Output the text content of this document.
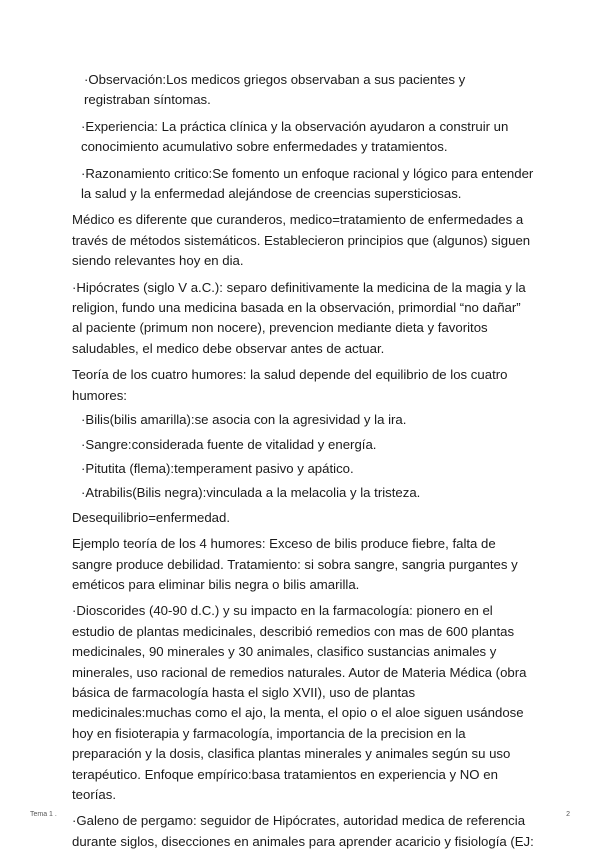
·Observación:Los medicos griegos observaban a sus pacientes y registraban síntomas.

·Experiencia: La práctica clínica y la observación ayudaron a construir un conocimiento acumulativo sobre enfermedades y tratamientos.

·Razonamiento critico:Se fomento un enfoque racional y lógico para entender la salud y la enfermedad alejándose de creencias supersticiosas.

Médico es diferente que curanderos, medico=tratamiento de enfermedades a través de métodos sistemáticos. Establecieron principios que (algunos) siguen siendo relevantes hoy en dia.

·Hipócrates (siglo V a.C.): separo definitivamente la medicina de la magia y la religion, fundo una medicina basada en la observación, primordial “no dañar” al paciente (primum non nocere), prevencion mediante dieta y favoritos saludables, el medico debe observar antes de actuar.

Teoría de los cuatro humores: la salud depende del equilibrio de los cuatro humores:

·Bilis(bilis amarilla):se asocia con la agresividad y la ira.

·Sangre:considerada fuente de vitalidad y energía.

·Pitutita (flema):temperament pasivo y apático.

·Atrabilis(Bilis negra):vinculada a la melacolia y la tristeza.

Desequilibrio=enfermedad.

Ejemplo teoría de los 4 humores: Exceso de bilis produce fiebre, falta de sangre produce debilidad. Tratamiento: si sobra sangre, sangria purgantes y eméticos para eliminar bilis negra o bilis amarilla.

·Dioscorides (40-90 d.C.) y su impacto en la farmacología: pionero en el estudio de plantas medicinales, describió remedios con mas de 600 plantas medicinales, 90 minerales y 30 animales, clasifico sustancias animales y minerales, uso racional de remedios naturales. Autor de Materia Médica (obra básica de farmacología hasta el siglo XVII), uso de plantas medicinales:muchas como el ajo, la menta, el opio o el aloe siguen usándose hoy en fisioterapia y farmacología, importancia de la precision en la preparación y la dosis, clasifica plantas minerales y animales según su uso terapéutico. Enfoque empírico:basa tratamientos en experiencia y NO en teorías.

·Galeno de pergamo: seguidor de Hipócrates, autoridad medica de referencia durante siglos, disecciones en animales para aprender acaricio y fisiología (EJ:

Tema 1 .	2
